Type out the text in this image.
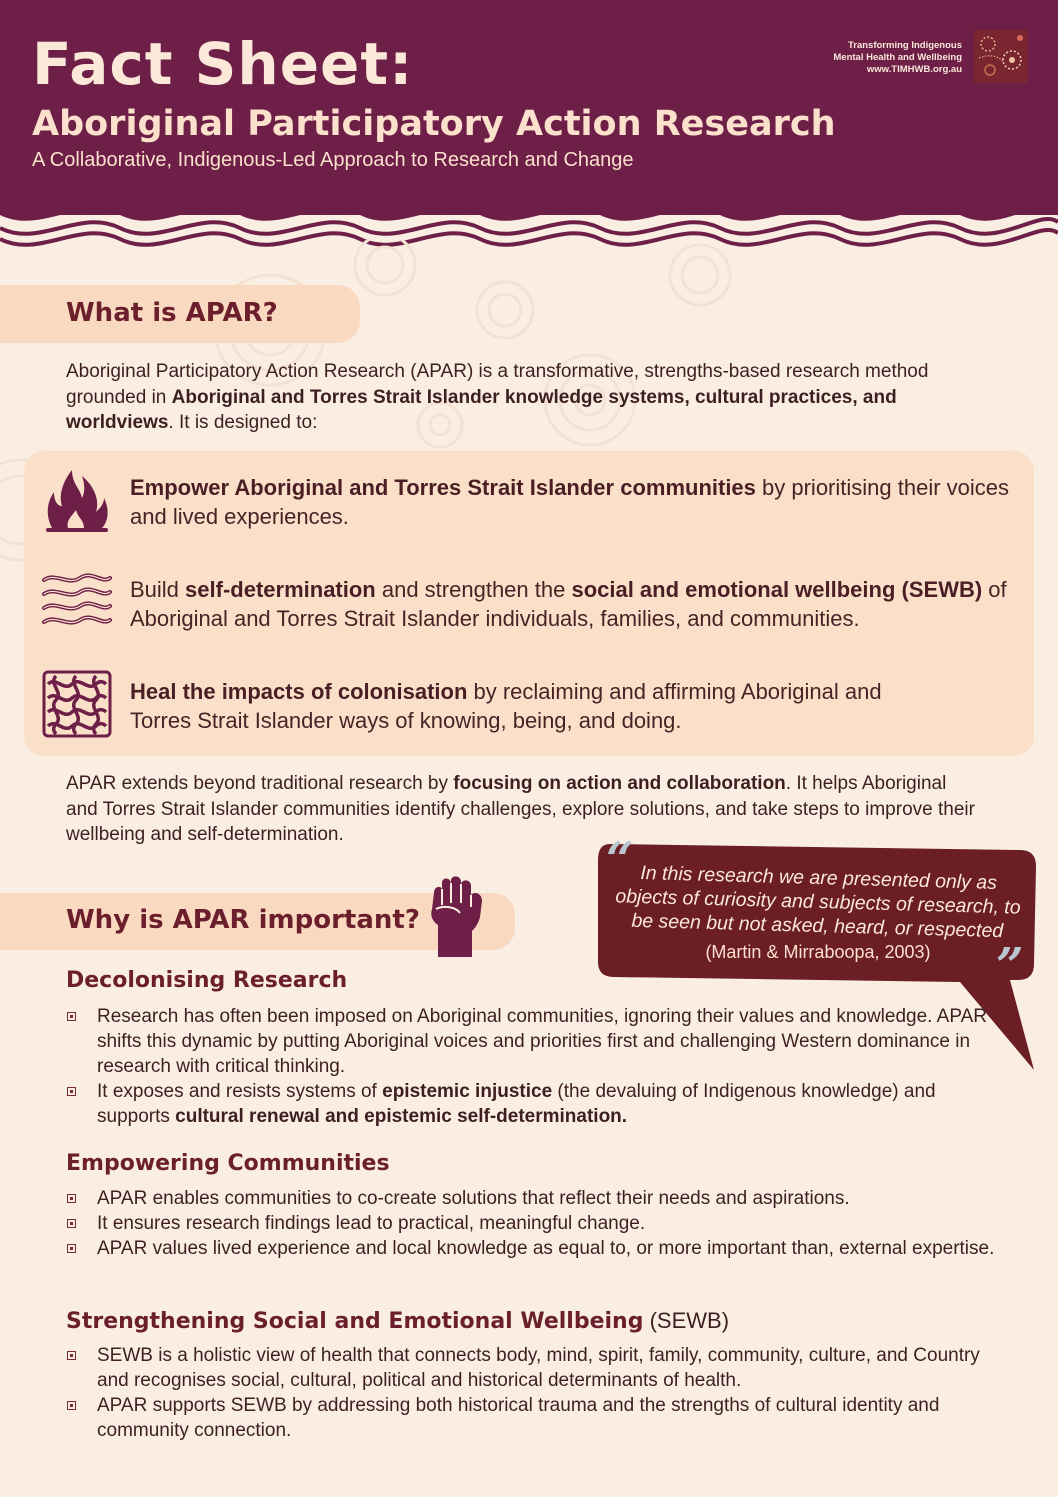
Fact Sheet:
Aboriginal Participatory Action Research
A Collaborative, Indigenous-Led Approach to Research and Change
Transforming Indigenous
Mental Health and Wellbeing
www.TIMHWB.org.au
What is APAR?
Aboriginal Participatory Action Research (APAR) is a transformative, strengths-based research method grounded in Aboriginal and Torres Strait Islander knowledge systems, cultural practices, and worldviews. It is designed to:
Empower Aboriginal and Torres Strait Islander communities by prioritising their voices and lived experiences.
Build self-determination and strengthen the social and emotional wellbeing (SEWB) of Aboriginal and Torres Strait Islander individuals, families, and communities.
Heal the impacts of colonisation by reclaiming and affirming Aboriginal and Torres Strait Islander ways of knowing, being, and doing.
APAR extends beyond traditional research by focusing on action and collaboration. It helps Aboriginal and Torres Strait Islander communities identify challenges, explore solutions, and take steps to improve their wellbeing and self-determination.	“
”
In this research we are presented only as objects of curiosity and subjects of research, to be seen but not asked, heard, or respected
(Martin & Mirraboopa, 2003)
Why is APAR important?
Decolonising Research
Research has often been imposed on Aboriginal communities, ignoring their values and knowledge. APAR shifts this dynamic by putting Aboriginal voices and priorities first and challenging Western dominance in research with critical thinking.
It exposes and resists systems of epistemic injustice (the devaluing of Indigenous knowledge) and supports cultural renewal and epistemic self-determination.
Empowering Communities
APAR enables communities to co-create solutions that reflect their needs and aspirations.
It ensures research findings lead to practical, meaningful change.
APAR values lived experience and local knowledge as equal to, or more important than, external expertise.
Strengthening Social and Emotional Wellbeing (SEWB)
SEWB is a holistic view of health that connects body, mind, spirit, family, community, culture, and Country and recognises social, cultural, political and historical determinants of health.
APAR supports SEWB by addressing both historical trauma and the strengths of cultural identity and community connection.
